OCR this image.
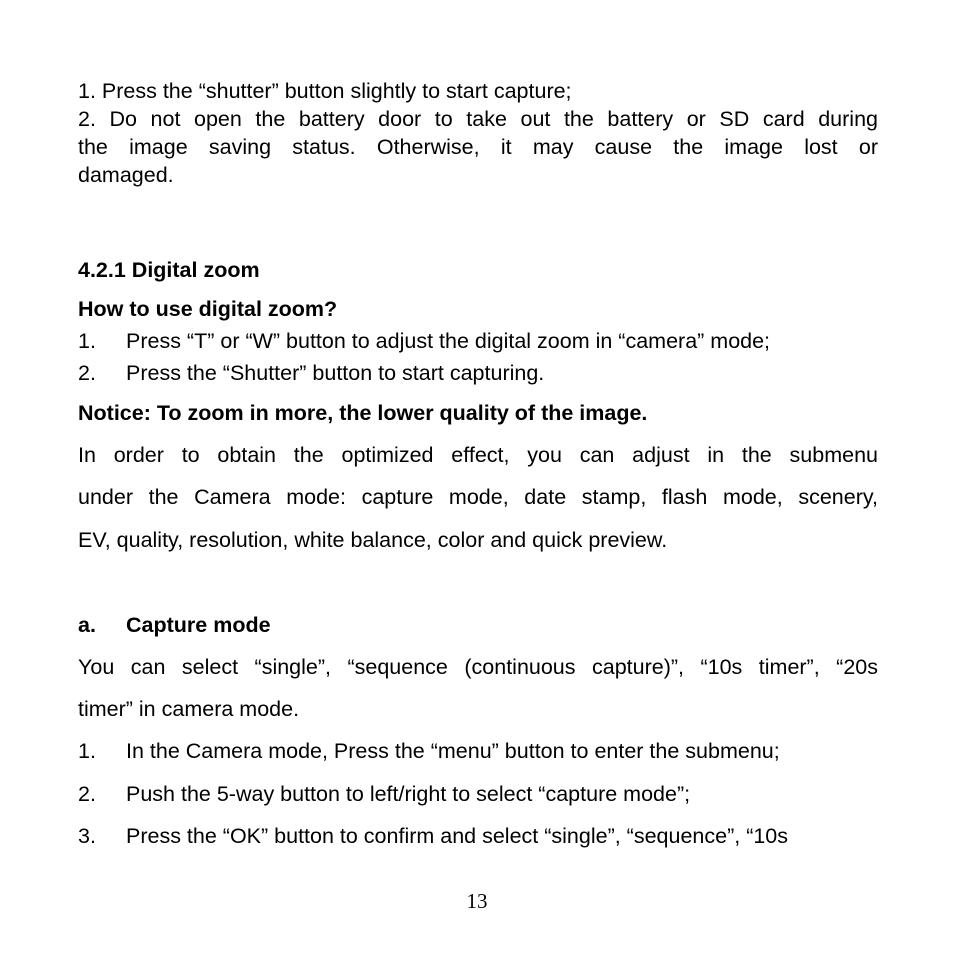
1. Press the “shutter” button slightly to start capture;
2. Do not open the battery door to take out the battery or SD card during
the image saving status. Otherwise, it may cause the image lost or
damaged.
4.2.1 Digital zoom
How to use digital zoom?
1. Press “T” or “W” button to adjust the digital zoom in “camera” mode;
2. Press the “Shutter” button to start capturing.
Notice: To zoom in more, the lower quality of the image.
In order to obtain the optimized effect, you can adjust in the submenu
under the Camera mode: capture mode, date stamp, flash mode, scenery,
EV, quality, resolution, white balance, color and quick preview.
a. Capture mode
You can select “single”, “sequence (continuous capture)”, “10s timer”, “20s
timer” in camera mode.
1. In the Camera mode, Press the “menu” button to enter the submenu;
2. Push the 5-way button to left/right to select “capture mode”;
3. Press the “OK” button to confirm and select “single”, “sequence”, “10s
13
